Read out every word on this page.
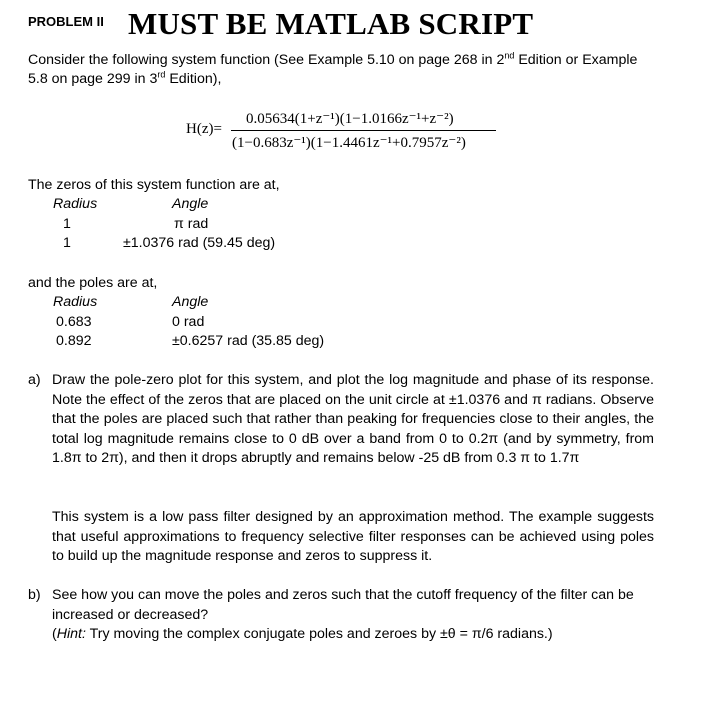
PROBLEM II MUST BE MATLAB SCRIPT
Consider the following system function (See Example 5.10 on page 268 in 2nd Edition or Example
5.8 on page 299 in 3rd Edition),
H(z)=
0.05634(1+z⁻¹)(1−1.0166z⁻¹+z⁻²)
(1−0.683z⁻¹)(1−1.4461z⁻¹+0.7957z⁻²)
The zeros of this system function are at,
Radius	Angle
1	π rad
1	±1.0376 rad (59.45 deg)
and the poles are at,
Radius	Angle
0.683	0 rad
0.892	±0.6257 rad (35.85 deg)
a) Draw the pole-zero plot for this system, and plot the log magnitude and phase of its response. Note the effect of the zeros that are placed on the unit circle at ±1.0376 and π radians. Observe that the poles are placed such that rather than peaking for frequencies close to their angles, the total log magnitude remains close to 0 dB over a band from 0 to 0.2π (and by symmetry, from 1.8π to 2π), and then it drops abruptly and remains below -25 dB from 0.3 π to 1.7π
This system is a low pass filter designed by an approximation method. The example suggests that useful approximations to frequency selective filter responses can be achieved using poles to build up the magnitude response and zeros to suppress it.
b) See how you can move the poles and zeros such that the cutoff frequency of the filter can be increased or decreased?
(Hint: Try moving the complex conjugate poles and zeroes by ±θ = π/6 radians.)
